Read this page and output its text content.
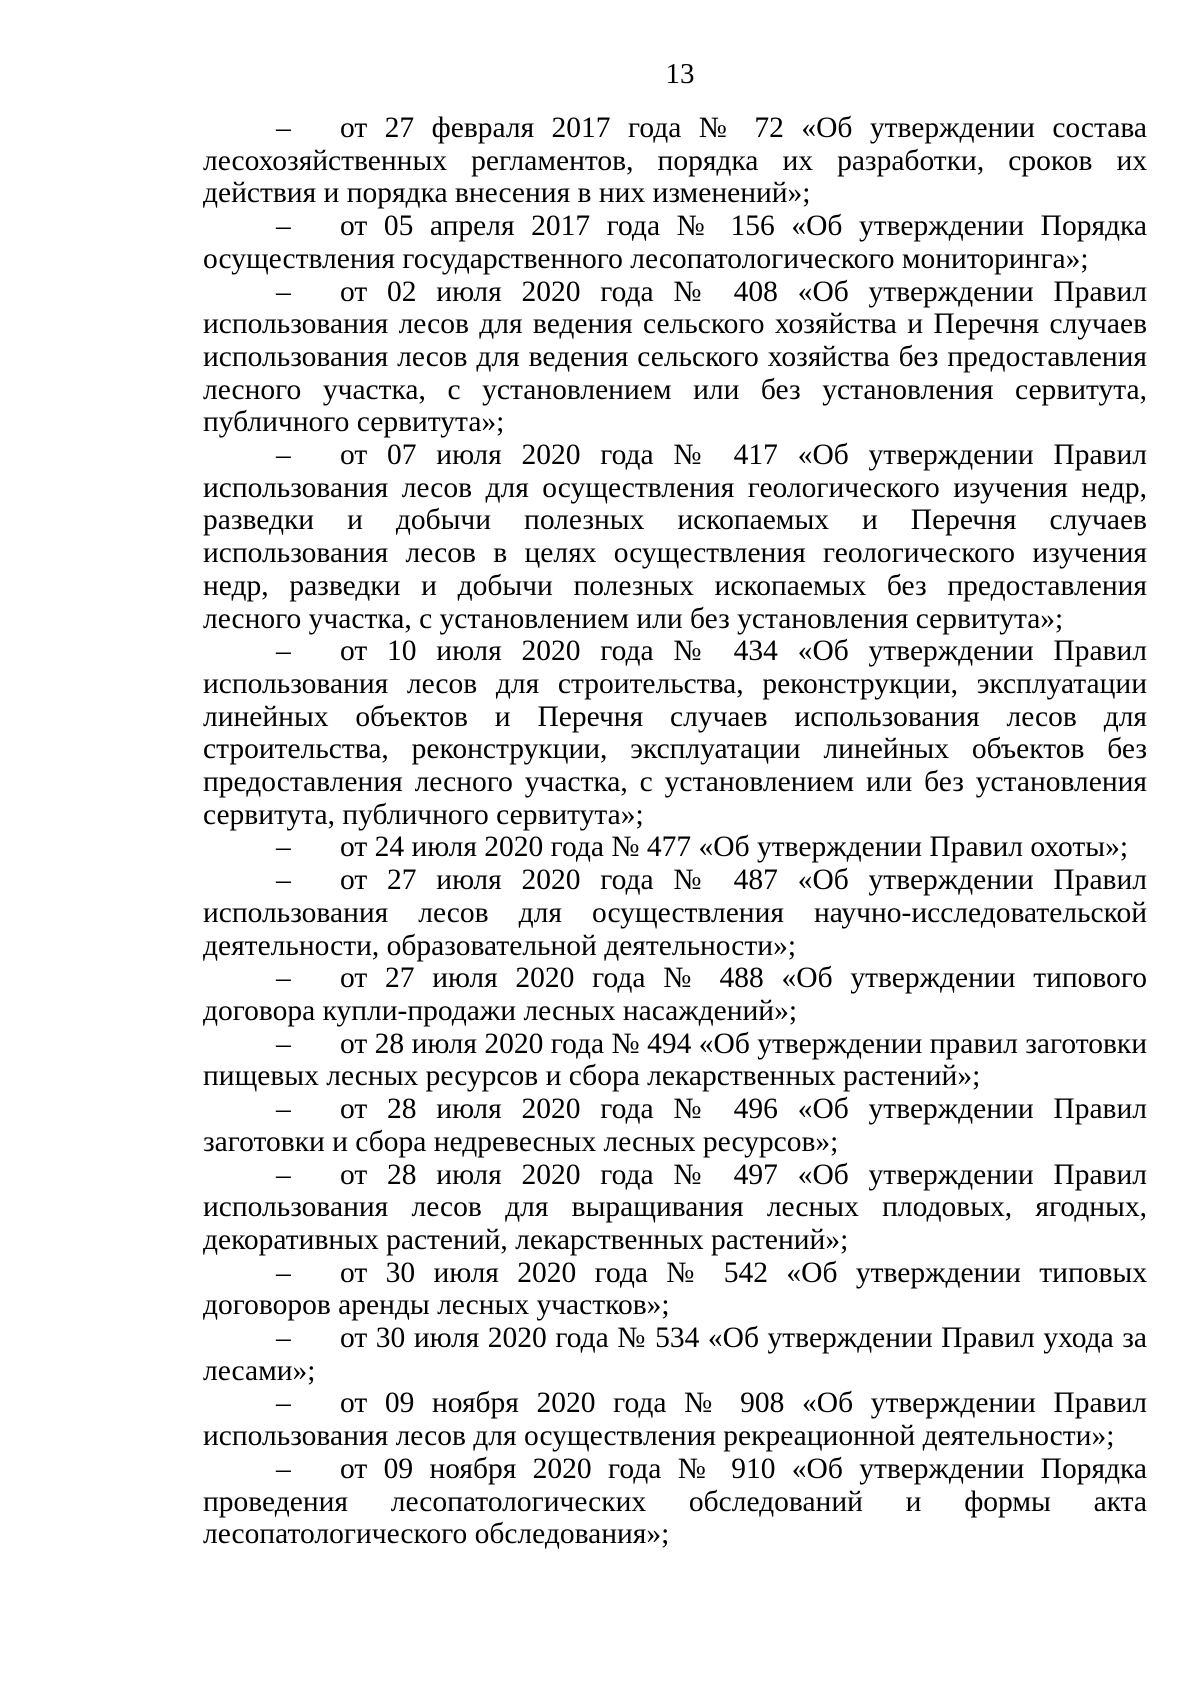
13

– от 27 февраля 2017 года № 72 «Об утверждении состава лесохозяйственных регламентов, порядка их разработки, сроков их действия и порядка внесения в них изменений»;

– от 05 апреля 2017 года № 156 «Об утверждении Порядка осуществления государственного лесопатологического мониторинга»;

– от 02 июля 2020 года № 408 «Об утверждении Правил использования лесов для ведения сельского хозяйства и Перечня случаев использования лесов для ведения сельского хозяйства без предоставления лесного участка, с установлением или без установления сервитута, публичного сервитута»;

– от 07 июля 2020 года № 417 «Об утверждении Правил использования лесов для осуществления геологического изучения недр, разведки и добычи полезных ископаемых и Перечня случаев использования лесов в целях осуществления геологического изучения недр, разведки и добычи полезных ископаемых без предоставления лесного участка, с установлением или без установления сервитута»;

– от 10 июля 2020 года № 434 «Об утверждении Правил использования лесов для строительства, реконструкции, эксплуатации линейных объектов и Перечня случаев использования лесов для строительства, реконструкции, эксплуатации линейных объектов без предоставления лесного участка, с установлением или без установления сервитута, публичного сервитута»;

– от 24 июля 2020 года № 477 «Об утверждении Правил охоты»;

– от 27 июля 2020 года № 487 «Об утверждении Правил использования лесов для осуществления научно-исследовательской деятельности, образовательной деятельности»;

– от 27 июля 2020 года № 488 «Об утверждении типового договора купли-продажи лесных насаждений»;

– от 28 июля 2020 года № 494 «Об утверждении правил заготовки пищевых лесных ресурсов и сбора лекарственных растений»;

– от 28 июля 2020 года № 496 «Об утверждении Правил заготовки и сбора недревесных лесных ресурсов»;

– от 28 июля 2020 года № 497 «Об утверждении Правил использования лесов для выращивания лесных плодовых, ягодных, декоративных растений, лекарственных растений»;

– от 30 июля 2020 года № 542 «Об утверждении типовых договоров аренды лесных участков»;

– от 30 июля 2020 года № 534 «Об утверждении Правил ухода за лесами»;

– от 09 ноября 2020 года № 908 «Об утверждении Правил использования лесов для осуществления рекреационной деятельности»;

– от 09 ноября 2020 года № 910 «Об утверждении Порядка проведения лесопатологических обследований и формы акта лесопатологического обследования»;
